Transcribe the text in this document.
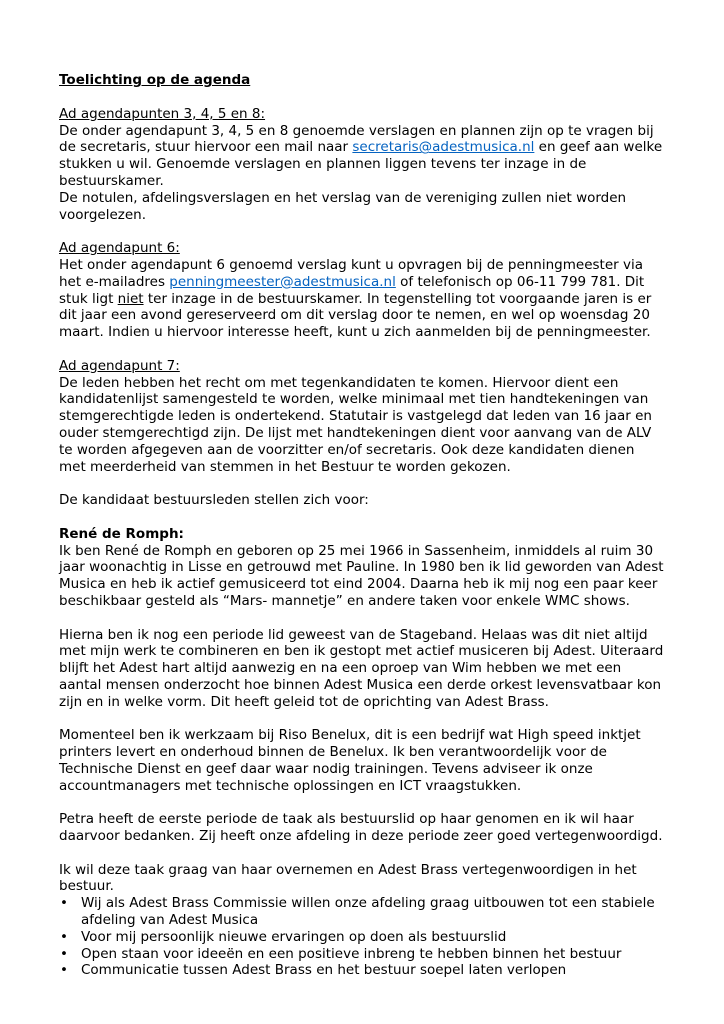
Toelichting op de agenda
Ad agendapunten 3, 4, 5 en 8:

De onder agendapunt 3, 4, 5 en 8 genoemde verslagen en plannen zijn op te vragen bij de secretaris, stuur hiervoor een mail naar secretaris@adestmusica.nl en geef aan welke stukken u wil. Genoemde verslagen en plannen liggen tevens ter inzage in de bestuurskamer.

De notulen, afdelingsverslagen en het verslag van de vereniging zullen niet worden voorgelezen.

Ad agendapunt 6:

Het onder agendapunt 6 genoemd verslag kunt u opvragen bij de penningmeester via het e-mailadres penningmeester@adestmusica.nl of telefonisch op 06-11 799 781. Dit stuk ligt niet ter inzage in de bestuurskamer. In tegenstelling tot voorgaande jaren is er dit jaar een avond gereserveerd om dit verslag door te nemen, en wel op woensdag 20 maart. Indien u hiervoor interesse heeft, kunt u zich aanmelden bij de penningmeester.

Ad agendapunt 7:

De leden hebben het recht om met tegenkandidaten te komen. Hiervoor dient een kandidatenlijst samengesteld te worden, welke minimaal met tien handtekeningen van stemgerechtigde leden is ondertekend. Statutair is vastgelegd dat leden van 16 jaar en ouder stemgerechtigd zijn. De lijst met handtekeningen dient voor aanvang van de ALV te worden afgegeven aan de voorzitter en/of secretaris. Ook deze kandidaten dienen met meerderheid van stemmen in het Bestuur te worden gekozen.

De kandidaat bestuursleden stellen zich voor:

René de Romph:

Ik ben René de Romph en geboren op 25 mei 1966 in Sassenheim, inmiddels al ruim 30 jaar woonachtig in Lisse en getrouwd met Pauline. In 1980 ben ik lid geworden van Adest Musica en heb ik actief gemusiceerd tot eind 2004. Daarna heb ik mij nog een paar keer beschikbaar gesteld als “Mars- mannetje” en andere taken voor enkele WMC shows.

Hierna ben ik nog een periode lid geweest van de Stageband. Helaas was dit niet altijd met mijn werk te combineren en ben ik gestopt met actief musiceren bij Adest. Uiteraard blijft het Adest hart altijd aanwezig en na een oproep van Wim hebben we met een aantal mensen onderzocht hoe binnen Adest Musica een derde orkest levensvatbaar kon zijn en in welke vorm. Dit heeft geleid tot de oprichting van Adest Brass.

Momenteel ben ik werkzaam bij Riso Benelux, dit is een bedrijf wat High speed inktjet printers levert en onderhoud binnen de Benelux. Ik ben verantwoordelijk voor de Technische Dienst en geef daar waar nodig trainingen. Tevens adviseer ik onze accountmanagers met technische oplossingen en ICT vraagstukken.

Petra heeft de eerste periode de taak als bestuurslid op haar genomen en ik wil haar daarvoor bedanken. Zij heeft onze afdeling in deze periode zeer goed vertegenwoordigd.

Ik wil deze taak graag van haar overnemen en Adest Brass vertegenwoordigen in het bestuur.

• Wij als Adest Brass Commissie willen onze afdeling graag uitbouwen tot een stabiele afdeling van Adest Musica
• Voor mij persoonlijk nieuwe ervaringen op doen als bestuurslid
• Open staan voor ideeën en een positieve inbreng te hebben binnen het bestuur
• Communicatie tussen Adest Brass en het bestuur soepel laten verlopen
